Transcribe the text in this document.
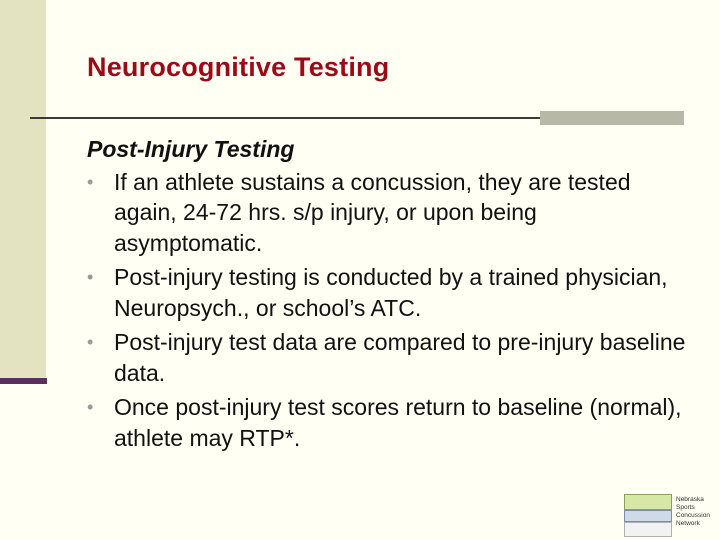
Neurocognitive Testing
Post-Injury Testing
• If an athlete sustains a concussion, they are tested again, 24-72 hrs. s/p injury, or upon being asymptomatic.
• Post-injury testing is conducted by a trained physician, Neuropsych., or school’s ATC.
• Post-injury test data are compared to pre-injury baseline data.
• Once post-injury test scores return to baseline (normal), athlete may RTP*.
Nebraska
Sports
Concussion
Network
